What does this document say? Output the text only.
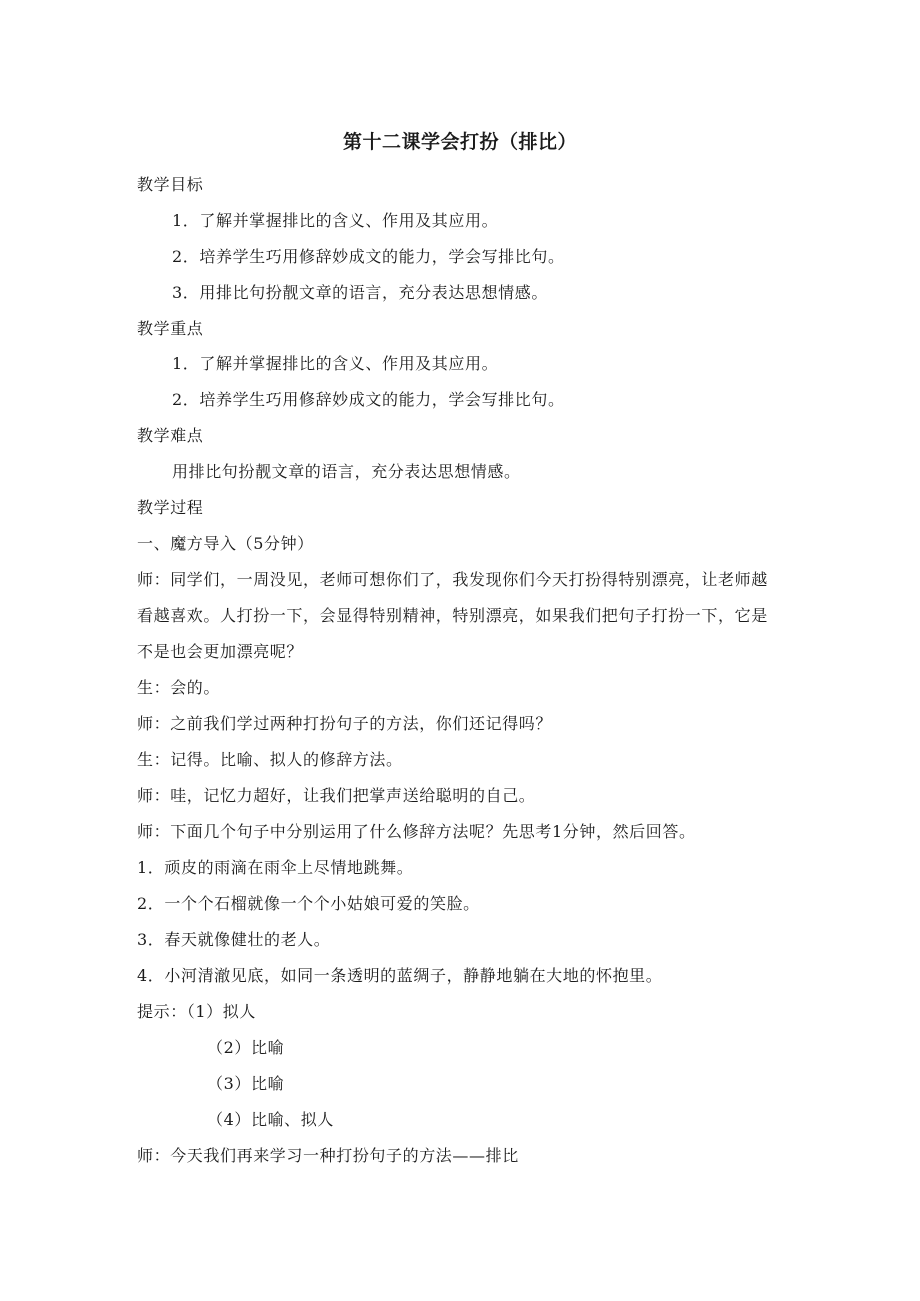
第十二课学会打扮（排比）
教学目标
1．了解并掌握排比的含义、作用及其应用。
2．培养学生巧用修辞妙成文的能力，学会写排比句。
3．用排比句扮靓文章的语言，充分表达思想情感。
教学重点
1．了解并掌握排比的含义、作用及其应用。
2．培养学生巧用修辞妙成文的能力，学会写排比句。
教学难点
用排比句扮靓文章的语言，充分表达思想情感。
教学过程
一、魔方导入（5分钟）
师：同学们，一周没见，老师可想你们了，我发现你们今天打扮得特别漂亮，让老师越
看越喜欢。人打扮一下，会显得特别精神，特别漂亮，如果我们把句子打扮一下，它是
不是也会更加漂亮呢？
生：会的。
师：之前我们学过两种打扮句子的方法，你们还记得吗？
生：记得。比喻、拟人的修辞方法。
师：哇，记忆力超好，让我们把掌声送给聪明的自己。
师：下面几个句子中分别运用了什么修辞方法呢？先思考1分钟，然后回答。
1．顽皮的雨滴在雨伞上尽情地跳舞。
2．一个个石榴就像一个个小姑娘可爱的笑脸。
3．春天就像健壮的老人。
4．小河清澈见底，如同一条透明的蓝绸子，静静地躺在大地的怀抱里。
提示：（1）拟人
（2）比喻
（3）比喻
（4）比喻、拟人
师：今天我们再来学习一种打扮句子的方法——排比
